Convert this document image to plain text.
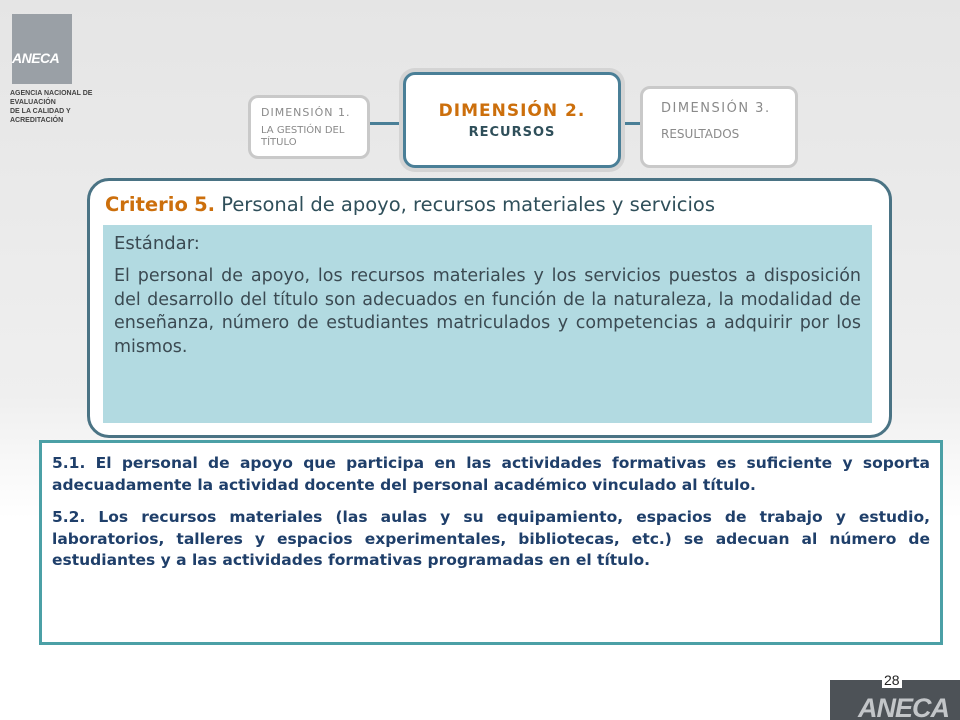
ANECA
AGENCIA NACIONAL DE EVALUACIÓN
DE LA CALIDAD Y ACREDITACIÓN
DIMENSIÓN 1.
LA GESTIÓN DEL TÍTULO
DIMENSIÓN 2.
RECURSOS
DIMENSIÓN 3.
RESULTADOS
Criterio 5. Personal de apoyo, recursos materiales y servicios
Estándar:
El personal de apoyo, los recursos materiales y los servicios puestos a disposición del desarrollo del título son adecuados en función de la naturaleza, la modalidad de enseñanza, número de estudiantes matriculados y competencias a adquirir por los mismos.
5.1. El personal de apoyo que participa en las actividades formativas es suficiente y soporta adecuadamente la actividad docente del personal académico vinculado al título.
5.2. Los recursos materiales (las aulas y su equipamiento, espacios de trabajo y estudio, laboratorios, talleres y espacios experimentales, bibliotecas, etc.) se adecuan al número de estudiantes y a las actividades formativas programadas en el título.
28
ANECA
